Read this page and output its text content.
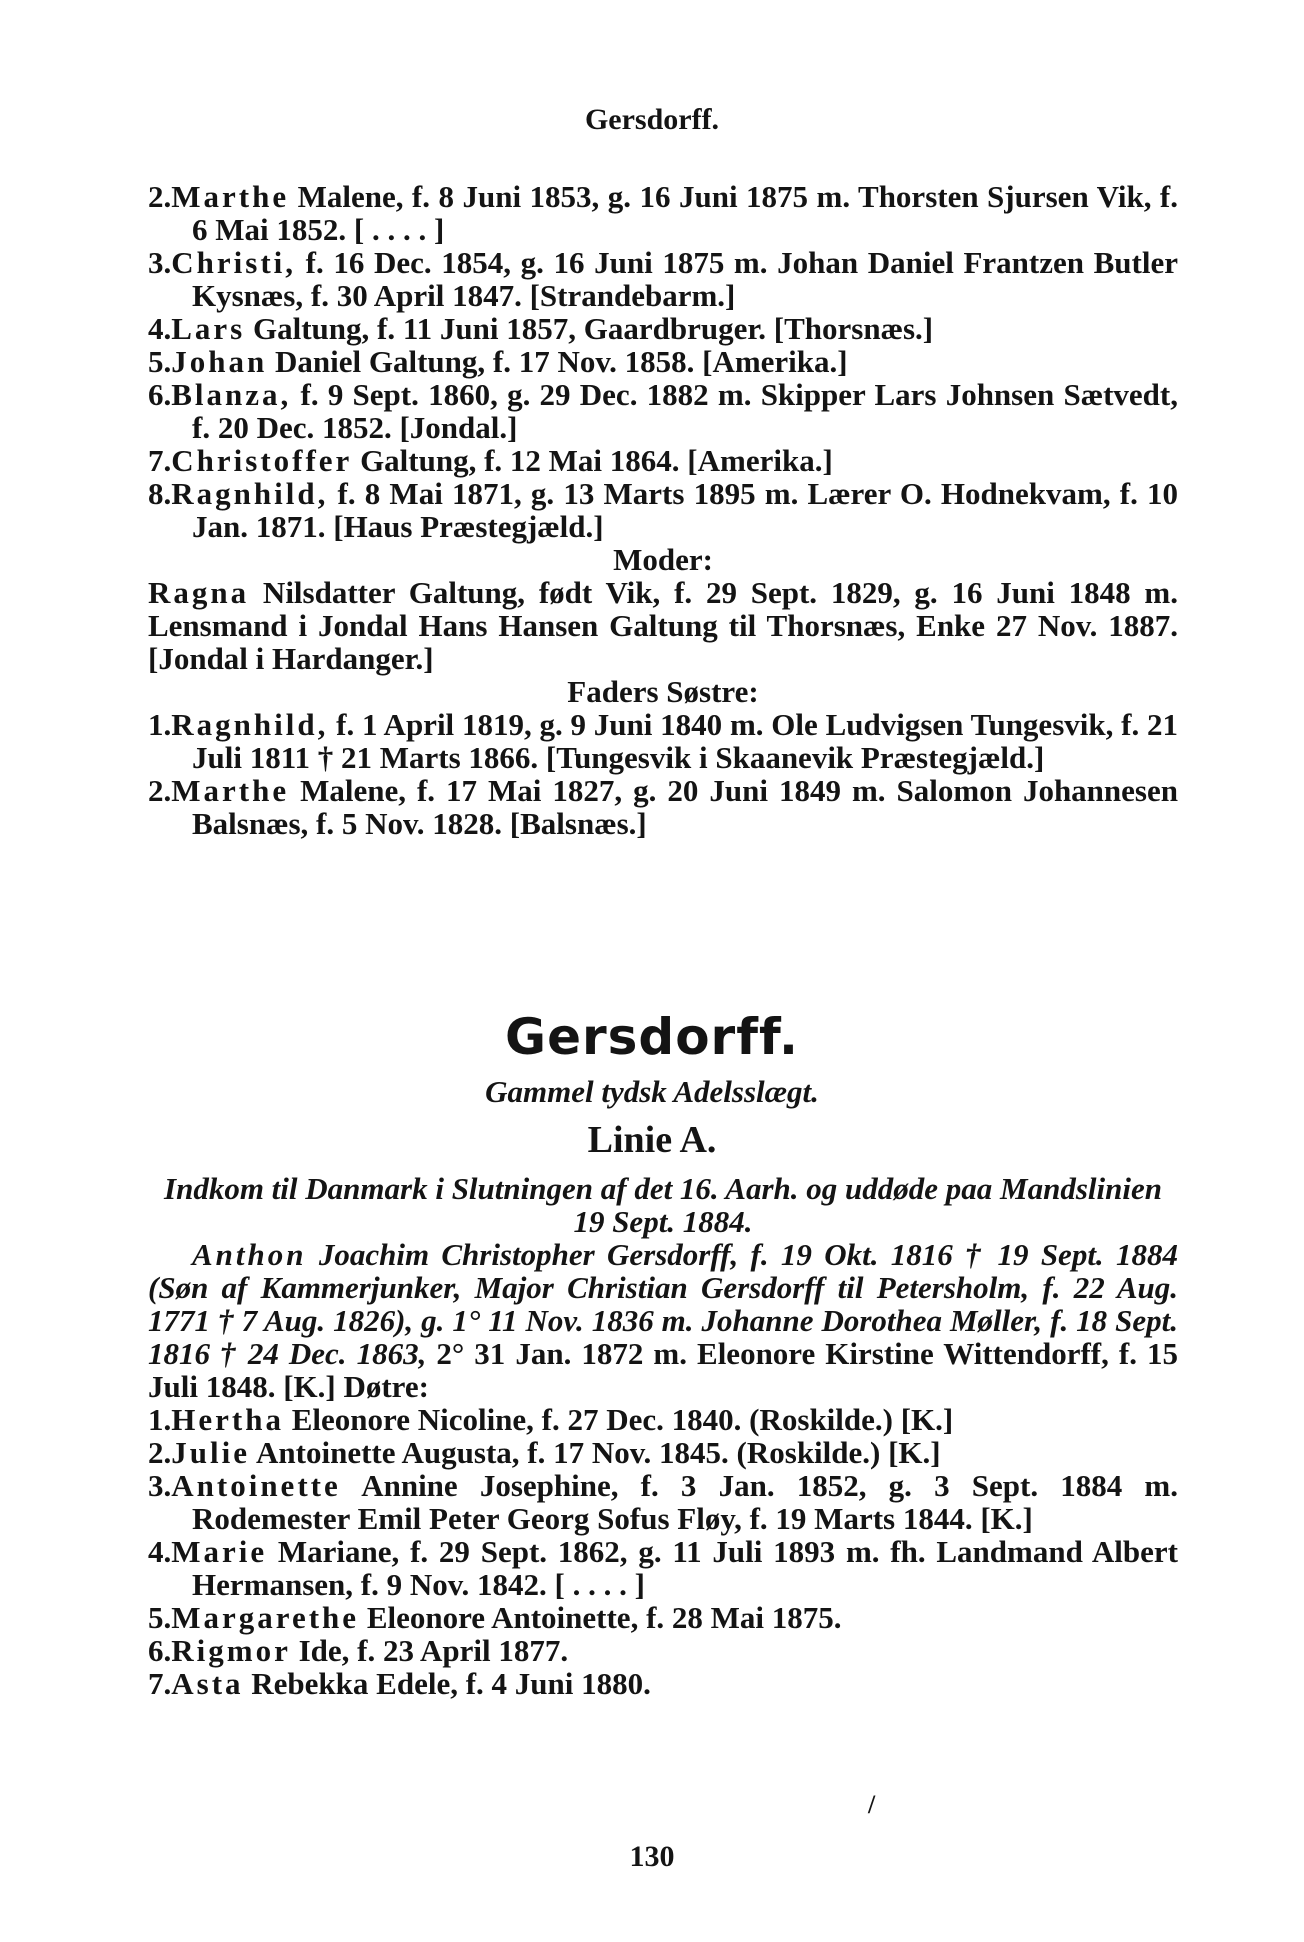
Gersdorff.
2.Marthe Malene, f. 8 Juni 1853, g. 16 Juni 1875 m. Thorsten Sjursen Vik, f. 6 Mai 1852. [ . . . . ]
3.Christi, f. 16 Dec. 1854, g. 16 Juni 1875 m. Johan Daniel Frantzen Butler Kysnæs, f. 30 April 1847. [Strandebarm.]
4.Lars Galtung, f. 11 Juni 1857, Gaardbruger. [Thorsnæs.]
5.Johan Daniel Galtung, f. 17 Nov. 1858. [Amerika.]
6.Blanza, f. 9 Sept. 1860, g. 29 Dec. 1882 m. Skipper Lars Johnsen Sætvedt, f. 20 Dec. 1852. [Jondal.]
7.Christoffer Galtung, f. 12 Mai 1864. [Amerika.]
8.Ragnhild, f. 8 Mai 1871, g. 13 Marts 1895 m. Lærer O. Hodnekvam, f. 10 Jan. 1871. [Haus Præstegjæld.]
Moder:
Ragna Nilsdatter Galtung, født Vik, f. 29 Sept. 1829, g. 16 Juni 1848 m. Lensmand i Jondal Hans Hansen Galtung til Thorsnæs, Enke 27 Nov. 1887. [Jondal i Hardanger.]
Faders Søstre:
1.Ragnhild, f. 1 April 1819, g. 9 Juni 1840 m. Ole Ludvigsen Tungesvik, f. 21 Juli 1811 † 21 Marts 1866. [Tungesvik i Skaanevik Præstegjæld.]
2.Marthe Malene, f. 17 Mai 1827, g. 20 Juni 1849 m. Salomon Johannesen Balsnæs, f. 5 Nov. 1828. [Balsnæs.]
Gersdorff.
Gammel tydsk Adelsslægt.
Linie A.
Indkom til Danmark i Slutningen af det 16. Aarh. og uddøde paa Mandslinien 19 Sept. 1884.
Anthon Joachim Christopher Gersdorff, f. 19 Okt. 1816 † 19 Sept. 1884 (Søn af Kammerjunker, Major Christian Gersdorff til Petersholm, f. 22 Aug. 1771 † 7 Aug. 1826), g. 1° 11 Nov. 1836 m. Johanne Dorothea Møller, f. 18 Sept. 1816 † 24 Dec. 1863, 2° 31 Jan. 1872 m. Eleonore Kirstine Wittendorff, f. 15 Juli 1848. [K.] Døtre:
1.Hertha Eleonore Nicoline, f. 27 Dec. 1840. (Roskilde.) [K.]
2.Julie Antoinette Augusta, f. 17 Nov. 1845. (Roskilde.) [K.]
3.Antoinette Annine Josephine, f. 3 Jan. 1852, g. 3 Sept. 1884 m. Rodemester Emil Peter Georg Sofus Fløy, f. 19 Marts 1844. [K.]
4.Marie Mariane, f. 29 Sept. 1862, g. 11 Juli 1893 m. fh. Landmand Albert Hermansen, f. 9 Nov. 1842. [ . . . . ]
5.Margarethe Eleonore Antoinette, f. 28 Mai 1875.
6.Rigmor Ide, f. 23 April 1877.
7.Asta Rebekka Edele, f. 4 Juni 1880.
/
130
